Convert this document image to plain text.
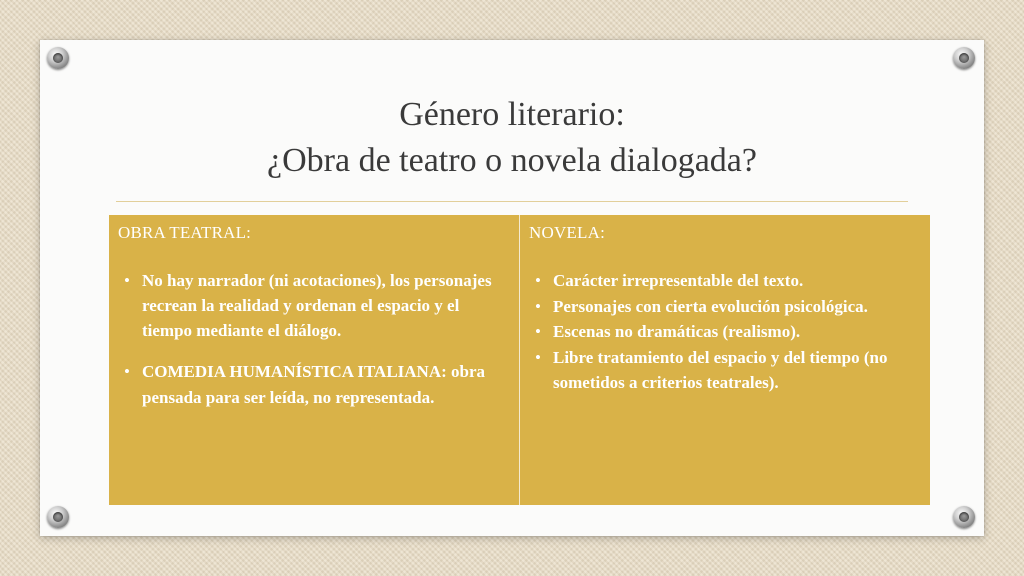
Género literario:
¿Obra de teatro o novela dialogada?
OBRA TEATRAL:
• No hay narrador (ni acotaciones), los personajes recrean la realidad y ordenan el espacio y el tiempo mediante el diálogo.
• COMEDIA HUMANÍSTICA ITALIANA: obra pensada para ser leída, no representada.
NOVELA:
• Carácter irrepresentable del texto.
• Personajes con cierta evolución psicológica.
• Escenas no dramáticas (realismo).
• Libre tratamiento del espacio y del tiempo (no sometidos a criterios teatrales).
